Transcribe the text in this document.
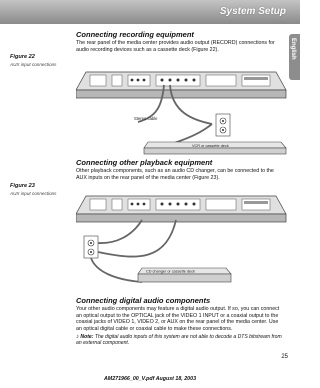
System Setup
English
Connecting recording equipment

The rear panel of the media center provides audio output (RECORD) connections for audio recording devices such as a cassette deck (Figure 22).

Figure 22
AUX input connections
Stereo cable
VCR or cassette deck
Connecting other playback equipment

Other playback components, such as an audio CD changer, can be connected to the AUX inputs on the rear panel of the media center (Figure 23).

Figure 23
AUX input connections
CD changer or cassette deck
Connecting digital audio components

Your other audio components may feature a digital audio output. If so, you can connect an optical output to the OPTICAL jack of the VIDEO 1 INPUT or a coaxial output to the coaxial jacks of VIDEO 1, VIDEO 2, or AUX on the rear panel of the media center. Use an optical digital cable or coaxial cable to make these connections.

♪ Note: The digital audio inputs of this system are not able to decode a DTS bitstream from an external component.

25
AM271966_00_V.pdf August 18, 2003
